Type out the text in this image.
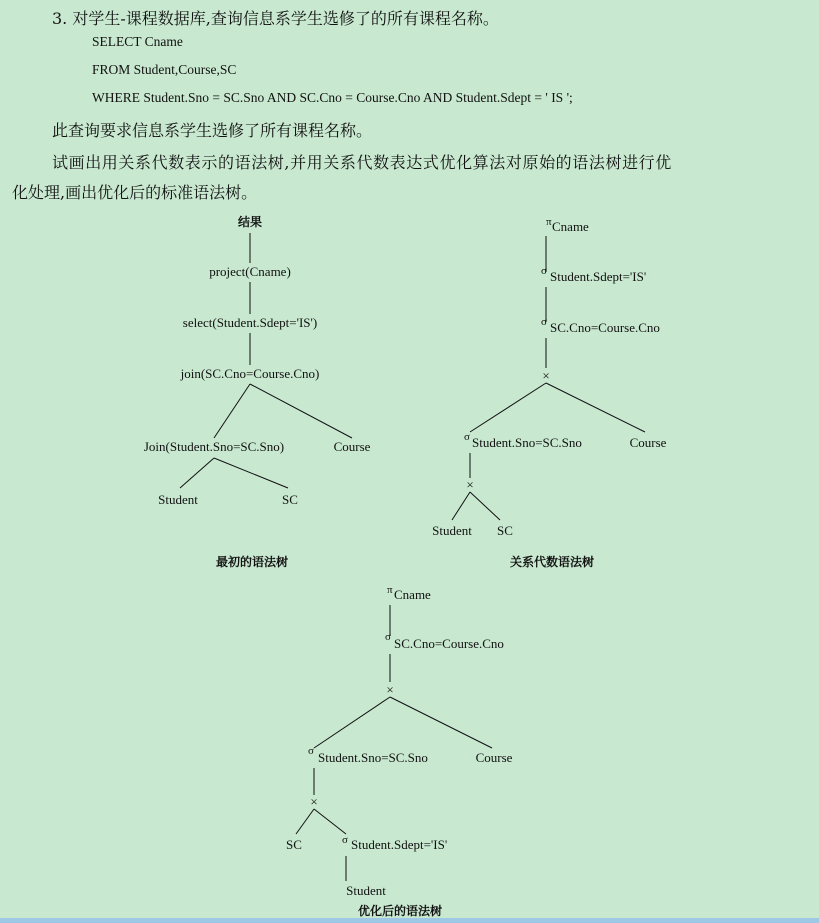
3. 对学生-课程数据库,查询信息系学生选修了的所有课程名称。
SELECT Cname
FROM Student,Course,SC
WHERE Student.Sno = SC.Sno AND SC.Cno = Course.Cno AND Student.Sdept = ' IS ';
此查询要求信息系学生选修了所有课程名称。
试画出用关系代数表示的语法树,并用关系代数表达式优化算法对原始的语法树进行优
化处理,画出优化后的标准语法树。
结果
project(Cname)
select(Student.Sdept='IS')
join(SC.Cno=Course.Cno)
Join(Student.Sno=SC.Sno)	Course
Student	SC
最初的语法树
π Cname
σ Student.Sdept='IS'
σ SC.Cno=Course.Cno
×
σ Student.Sno=SC.Sno	Course
×
Student SC
关系代数语法树
π Cname
σ SC.Cno=Course.Cno
×
σ Student.Sno=SC.Sno	Course
×
SC	σ Student.Sdept='IS'
Student
优化后的语法树
